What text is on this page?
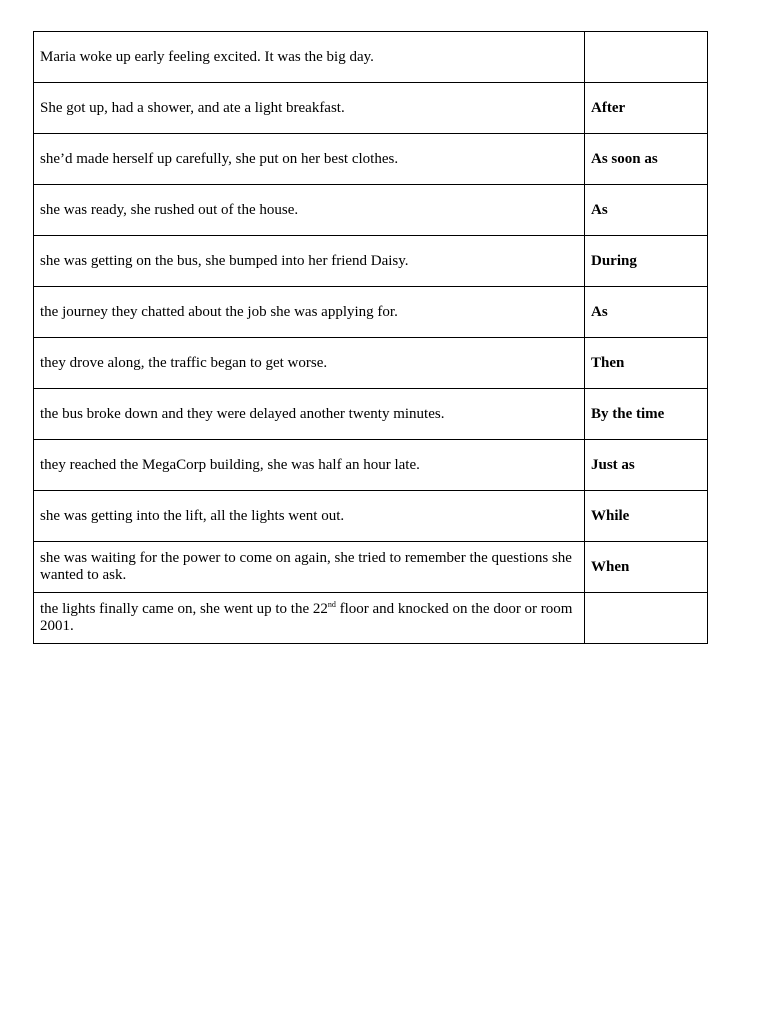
Maria woke up early feeling excited. It was the big day.	
She got up, had a shower, and ate a light breakfast.	After
she’d made herself up carefully, she put on her best clothes.	As soon as
she was ready, she rushed out of the house.	As
she was getting on the bus, she bumped into her friend Daisy.	During
the journey they chatted about the job she was applying for.	As
they drove along, the traffic began to get worse.	Then
the bus broke down and they were delayed another twenty minutes.	By the time
they reached the MegaCorp building, she was half an hour late.	Just as
she was getting into the lift, all the lights went out.	While
she was waiting for the power to come on again, she tried to remember the questions she wanted to ask.	When
the lights finally came on, she went up to the 22nd floor and knocked on the door or room 2001.	
